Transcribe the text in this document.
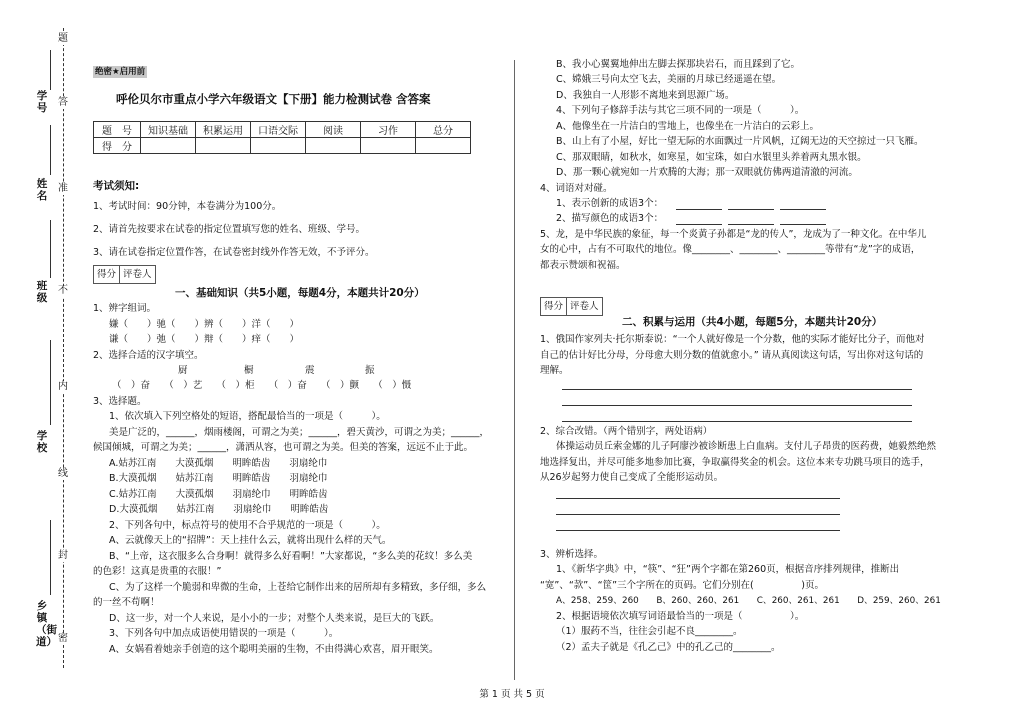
学号
姓名
班级
学校
乡镇（街道）
题
答
准
不
内
线
封
密
绝密★启用前
呼伦贝尔市重点小学六年级语文【下册】能力检测试卷 含答案
题　号	知识基础	积累运用	口语交际	阅读	习作	总分
得　分						
考试须知:
1、考试时间：90分钟，本卷满分为100分。
2、请首先按要求在试卷的指定位置填写您的姓名、班级、学号。
3、请在试卷指定位置作答，在试卷密封线外作答无效，不予评分。
得分 评卷人
一、基础知识（共5小题，每题4分，本题共计20分）
1、辨字组词。
嫌（　　）驰（　　）辨（　　）洋（　　）
谦（　　）弛（　　）辩（　　）痒（　　）
2、选择合适的汉字填空。
厨	橱	震	振
（　）奋　　（　）艺　　（　）柜　　（　）奋　　（　）颤　　（　）慑
3、选择题。
1、依次填入下列空格处的短语，搭配最恰当的一项是（　　　）。
美是广泛的，______，烟雨楼阁，可谓之为美；______，碧天黄沙，可谓之为美；______，
候国倾城，可谓之为美；______，潇洒从容，也可谓之为美。但美的答案，远远不止于此。
A.姑苏江南　　大漠孤烟　　明眸皓齿　　羽扇纶巾
B.大漠孤烟　　姑苏江南　　明眸皓齿　　羽扇纶巾
C.姑苏江南　　大漠孤烟　　羽扇纶巾　　明眸皓齿
D.大漠孤烟　　姑苏江南　　羽扇纶巾　　明眸皓齿
2、下列各句中，标点符号的使用不合乎规范的一项是（　　　）。
A、云就像天上的“招牌”：天上挂什么云，就将出现什么样的天气。
B、“上帝，这衣服多么合身啊！就得多么好看啊！”大家都说，“多么美的花纹！多么美
的色彩！这真是贵重的衣服！”
C、为了这样一个脆弱和卑微的生命，上苍给它制作出来的居所却有多精致，多仔细，多么
的一丝不苟啊！
D、这一步，对一个人来说，是小小的一步；对整个人类来说，是巨大的飞跃。
3、下列各句中加点成语使用错误的一项是（　　　）。
A、女娲看着她亲手创造的这个聪明美丽的生物，不由得满心欢喜，眉开眼笑。
B、我小心翼翼地伸出左脚去探那块岩石，而且踩到了它。
C、嫦娥三号向太空飞去，美丽的月球已经遥遥在望。
D、我独自一人形影不离地来到思源广场。
4、下列句子修辞手法与其它三项不同的一项是（　　　）。
A、他像坐在一片洁白的雪地上，也像坐在一片洁白的云彩上。
B、山上有了小屋，好比一望无际的水面飘过一片风帆，辽阔无边的天空掠过一只飞雁。
C、那双眼睛，如秋水，如寒星，如宝珠，如白水银里头养着两丸黑水银。
D、那一颗心就宛如一片欢腾的大海；那一双眼就仿佛两道清澈的河流。
4、词语对对碰。
1、表示创新的成语3个：
2、描写颜色的成语3个：
5、龙，是中华民族的象征，每一个炎黄子孙都是“龙的传人”，龙成为了一种文化。在中华儿
女的心中，占有不可取代的地位。像________、________、________等带有“龙”字的成语，
都表示赞颂和祝福。
得分 评卷人
二、积累与运用（共4小题，每题5分，本题共计20分）
1、俄国作家列夫·托尔斯泰说：“一个人就好像是一个分数，他的实际才能好比分子，而他对
自己的估计好比分母，分母愈大则分数的值就愈小。” 请从真阅读这句话，写出你对这句话的
理解。
2、综合改错。（两个错别字，两处语病）
体操运动员丘索金娜的儿子阿廖沙被诊断患上白血病。支付儿子昂贵的医药费，她毅然绝然
地选择复出，并尽可能多地参加比赛，争取赢得奖金的机会。这位本来专功跳马项目的选手，
从26岁起努力使自己变成了全能形运动员。
3、辨析选择。
1、《新华字典》中，“筷”、“狂”两个字都在第260页，根据音序排列规律，推断出
“宽”、“款”、“筐”三个字所在的页码。它们分别在(　　　　　)页。
A、258、259、260　　B、260、260、261　　C、260、261、261　　D、259、260、261
2、根据语境依次填写词语最恰当的一项是（　　　　　）。
（1）服药不当，往往会引起不良________。
（2）孟夫子就是《孔乙己》中的孔乙己的________。
第 1 页 共 5 页
